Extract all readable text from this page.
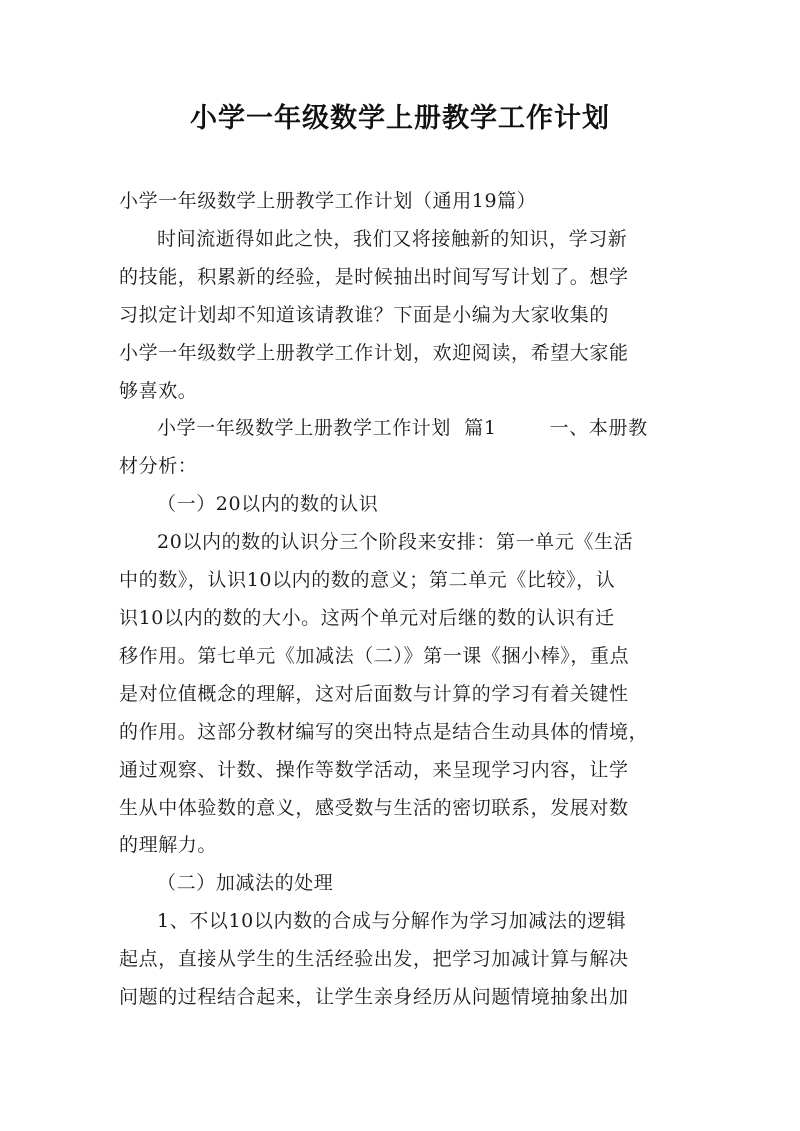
小学一年级数学上册教学工作计划

小学一年级数学上册教学工作计划（通用19篇）

时间流逝得如此之快，我们又将接触新的知识，学习新
的技能，积累新的经验，是时候抽出时间写写计划了。想学
习拟定计划却不知道该请教谁？下面是小编为大家收集的
小学一年级数学上册教学工作计划，欢迎阅读，希望大家能
够喜欢。

小学一年级数学上册教学工作计划  篇1        一、本册教
材分析：

（一）20以内的数的认识

20以内的数的认识分三个阶段来安排：第一单元《生活
中的数》，认识10以内的数的意义；第二单元《比较》，认
识10以内的数的大小。这两个单元对后继的数的认识有迁
移作用。第七单元《加减法（二）》第一课《捆小棒》，重点
是对位值概念的理解，这对后面数与计算的学习有着关键性
的作用。这部分教材编写的突出特点是结合生动具体的情境，
通过观察、计数、操作等数学活动，来呈现学习内容，让学
生从中体验数的意义，感受数与生活的密切联系，发展对数
的理解力。

（二）加减法的处理

1、不以10以内数的合成与分解作为学习加减法的逻辑
起点，直接从学生的生活经验出发，把学习加减计算与解决
问题的过程结合起来，让学生亲身经历从问题情境抽象出加
